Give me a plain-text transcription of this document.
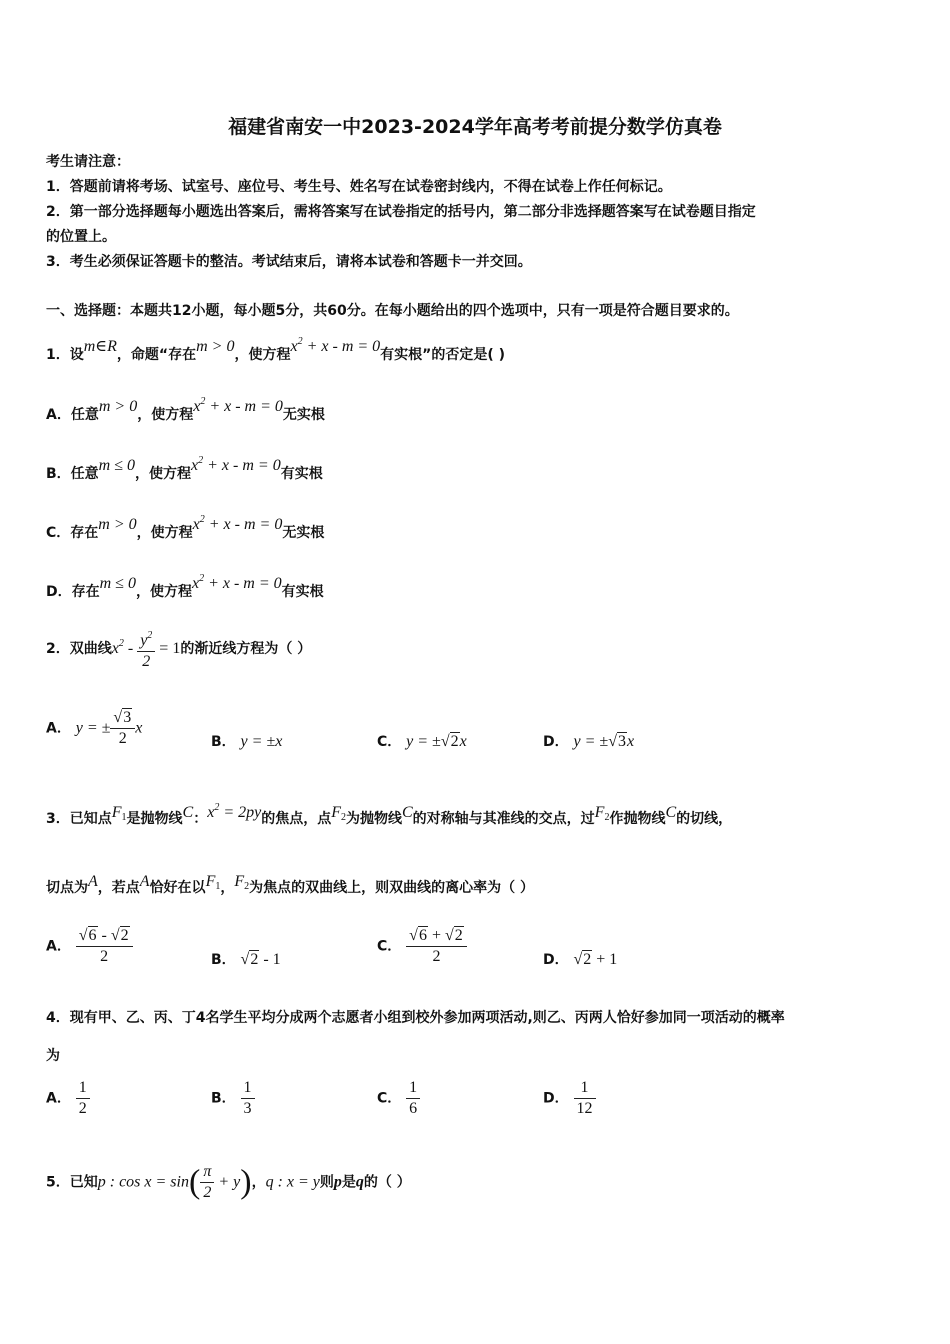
福建省南安一中2023-2024学年高考考前提分数学仿真卷
考生请注意：
1．答题前请将考场、试室号、座位号、考生号、姓名写在试卷密封线内，不得在试卷上作任何标记。
2．第一部分选择题每小题选出答案后，需将答案写在试卷指定的括号内，第二部分非选择题答案写在试卷题目指定
的位置上。
3．考生必须保证答题卡的整洁。考试结束后，请将本试卷和答题卡一并交回。
一、选择题：本题共12小题，每小题5分，共60分。在每小题给出的四个选项中，只有一项是符合题目要求的。
1．设m∈R，命题“存在m > 0，使方程$x^2 + x - m = 0$有实根”的否定是( )
A．任意m > 0，使方程$x^2 + x - m = 0$无实根
B．任意m ≤ 0，使方程$x^2 + x - m = 0$有实根
C．存在m > 0，使方程$x^2 + x - m = 0$无实根
D．存在m ≤ 0，使方程$x^2 + x - m = 0$有实根
2．双曲线$x^2 - \frac{y^2}{2} = 1$的渐近线方程为（ ）
A． y = ± $\frac{√3}{2}$ x
B． y = ±x	C． y = ±√2x	D． y = ±√3x
3．已知点$F_1$是抛物线C：$x^2 = 2py$的焦点，点$F_2$为抛物线C的对称轴与其准线的交点，过$F_2$作抛物线C的切线，
切点为A，若点A恰好在以$F_1$，$F_2$为焦点的双曲线上，则双曲线的离心率为（ ）
A． $\frac{√6 - √2}{2}$	B． √2 - 1
C． $\frac{√6 + √2}{2}$	D． √2 + 1
4．现有甲、乙、丙、丁4名学生平均分成两个志愿者小组到校外参加两项活动,则乙、丙两人恰好参加同一项活动的概率
为
A． $\frac{1}{2}$	B． $\frac{1}{3}$	C． $\frac{1}{6}$	D． $\frac{1}{12}$
5．已知p : $\cos x = \sin( \frac{\pi}{2} + y)$，q : x = y则p是q的（ ）
